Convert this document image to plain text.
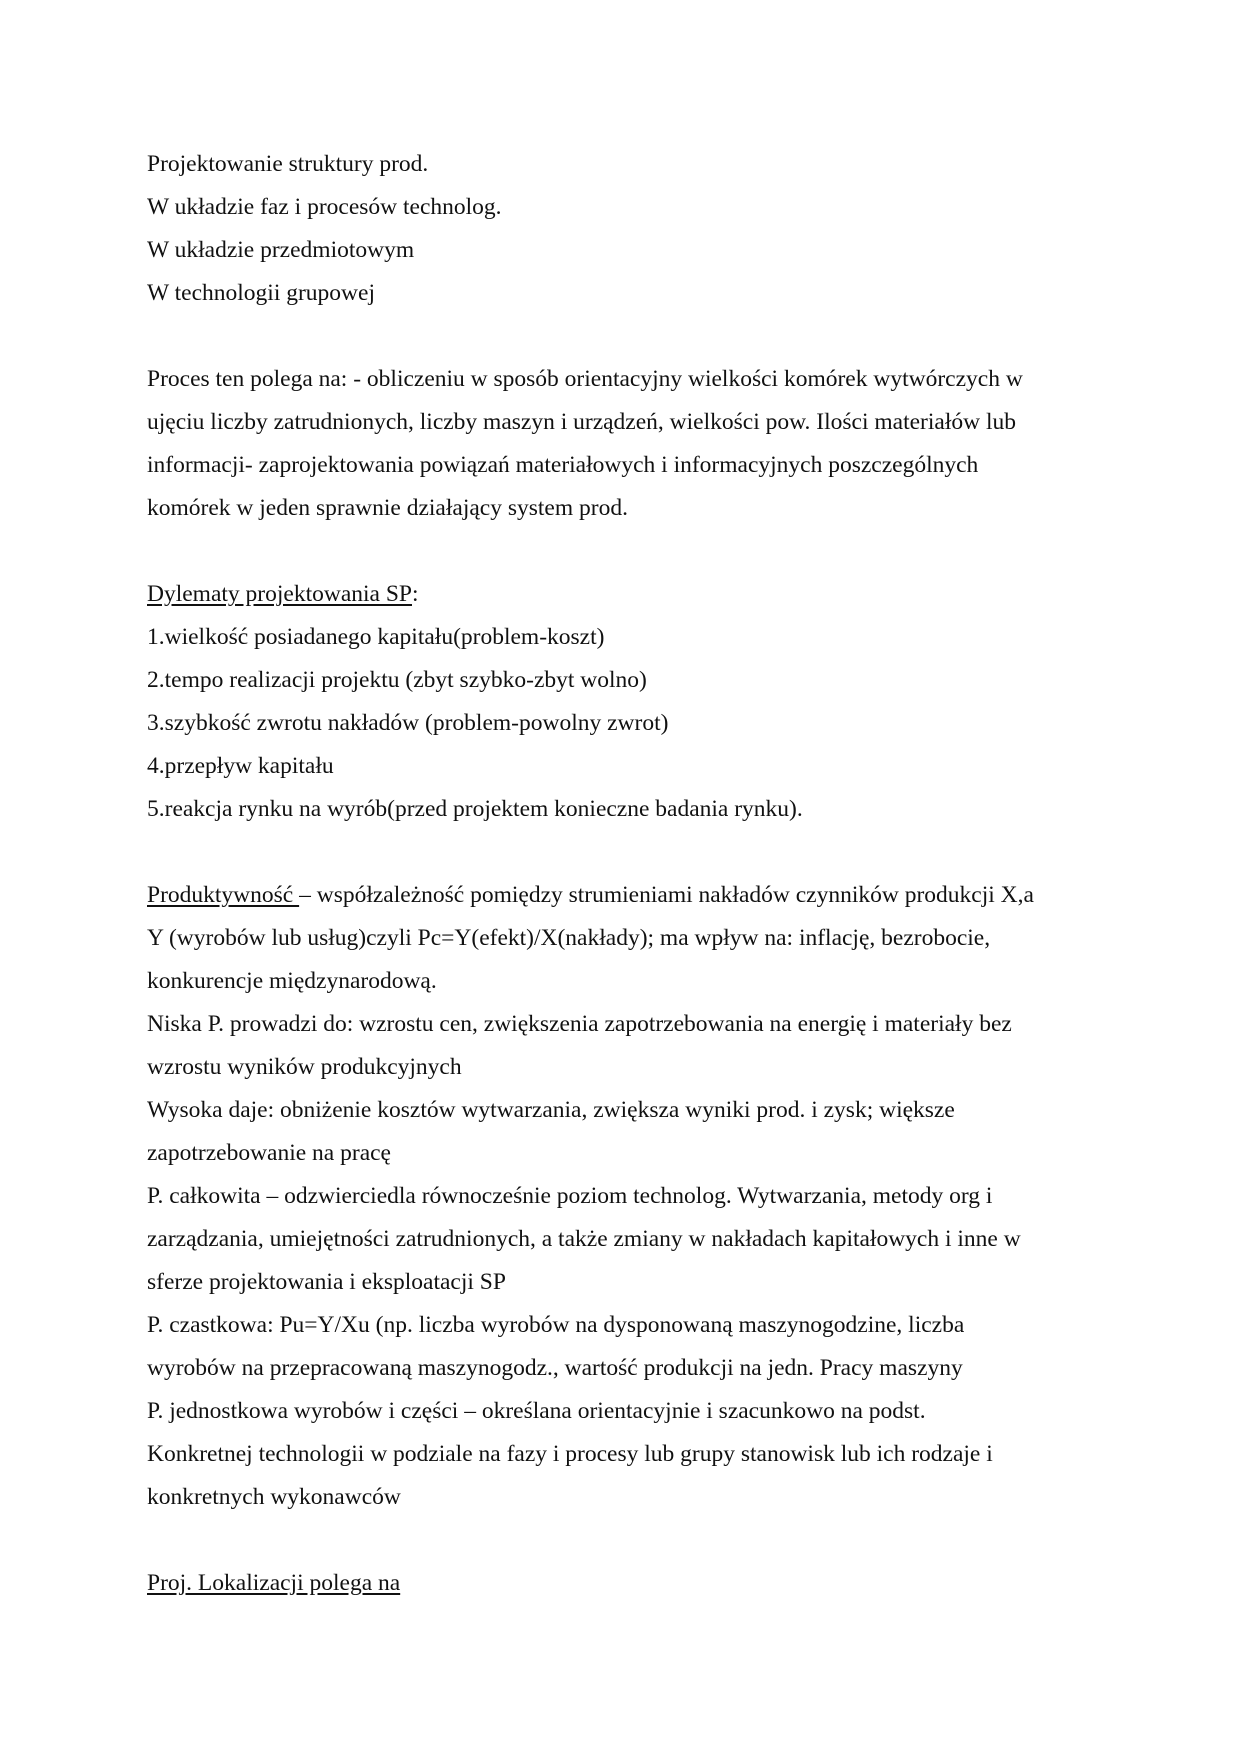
Projektowanie struktury prod.
W układzie faz i procesów technolog.
W układzie przedmiotowym
W technologii grupowej
Proces ten polega na: - obliczeniu w sposób orientacyjny wielkości komórek wytwórczych w
ujęciu liczby zatrudnionych, liczby maszyn i urządzeń, wielkości pow. Ilości materiałów lub
informacji- zaprojektowania powiązań materiałowych i informacyjnych poszczególnych
komórek w jeden sprawnie działający system prod.
Dylematy projektowania SP:
1.wielkość posiadanego kapitału(problem-koszt)
2.tempo realizacji projektu (zbyt szybko-zbyt wolno)
3.szybkość zwrotu nakładów (problem-powolny zwrot)
4.przepływ kapitału
5.reakcja rynku na wyrób(przed projektem konieczne badania rynku).
Produktywność – współzależność pomiędzy strumieniami nakładów czynników produkcji X,a
Y (wyrobów lub usług)czyli Pc=Y(efekt)/X(nakłady); ma wpływ na: inflację, bezrobocie,
konkurencje międzynarodową.
Niska P. prowadzi do: wzrostu cen, zwiększenia zapotrzebowania na energię i materiały bez
wzrostu wyników produkcyjnych
Wysoka daje: obniżenie kosztów wytwarzania, zwiększa wyniki prod. i zysk; większe
zapotrzebowanie na pracę
P. całkowita – odzwierciedla równocześnie poziom technolog. Wytwarzania, metody org i
zarządzania, umiejętności zatrudnionych, a także zmiany w nakładach kapitałowych i inne w
sferze projektowania i eksploatacji SP
P. czastkowa: Pu=Y/Xu (np. liczba wyrobów na dysponowaną maszynogodzine, liczba
wyrobów na przepracowaną maszynogodz., wartość produkcji na jedn. Pracy maszyny
P. jednostkowa wyrobów i części – określana orientacyjnie i szacunkowo na podst.
Konkretnej technologii w podziale na fazy i procesy lub grupy stanowisk lub ich rodzaje i
konkretnych wykonawców
Proj. Lokalizacji polega na
